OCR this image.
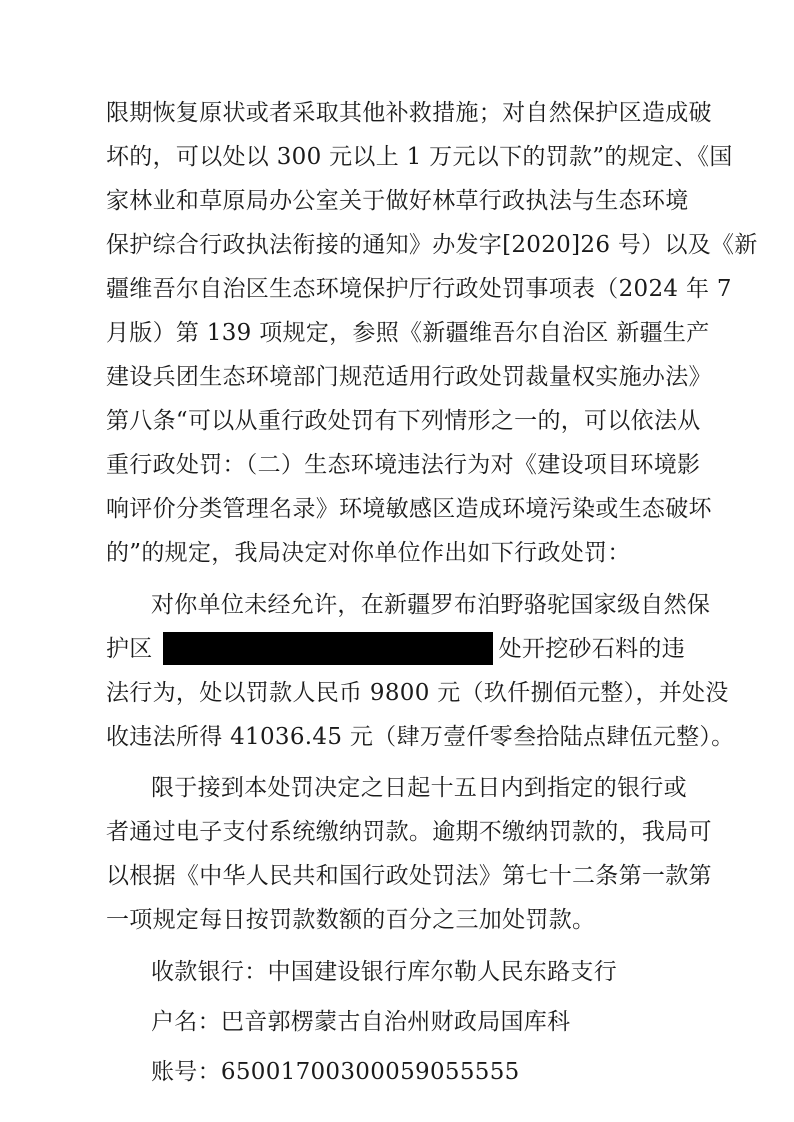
限期恢复原状或者采取其他补救措施；对自然保护区造成破
坏的，可以处以 300 元以上 1 万元以下的罚款”的规定、《国
家林业和草原局办公室关于做好林草行政执法与生态环境
保护综合行政执法衔接的通知》办发字[2020]26 号）以及《新
疆维吾尔自治区生态环境保护厅行政处罚事项表（2024 年 7
月版）第 139 项规定，参照《新疆维吾尔自治区 新疆生产
建设兵团生态环境部门规范适用行政处罚裁量权实施办法》
第八条“可以从重行政处罚有下列情形之一的，可以依法从
重行政处罚：（二）生态环境违法行为对《建设项目环境影
响评价分类管理名录》环境敏感区造成环境污染或生态破坏
的”的规定，我局决定对你单位作出如下行政处罚：
对你单位未经允许，在新疆罗布泊野骆驼国家级自然保
护区	处开挖砂石料的违
法行为，处以罚款人民币 9800 元（玖仟捌佰元整），并处没
收违法所得 41036.45 元（肆万壹仟零叁拾陆点肆伍元整）。
限于接到本处罚决定之日起十五日内到指定的银行或
者通过电子支付系统缴纳罚款。逾期不缴纳罚款的，我局可
以根据《中华人民共和国行政处罚法》第七十二条第一款第
一项规定每日按罚款数额的百分之三加处罚款。
收款银行：中国建设银行库尔勒人民东路支行
户名：巴音郭楞蒙古自治州财政局国库科
账号：65001700300059055555
